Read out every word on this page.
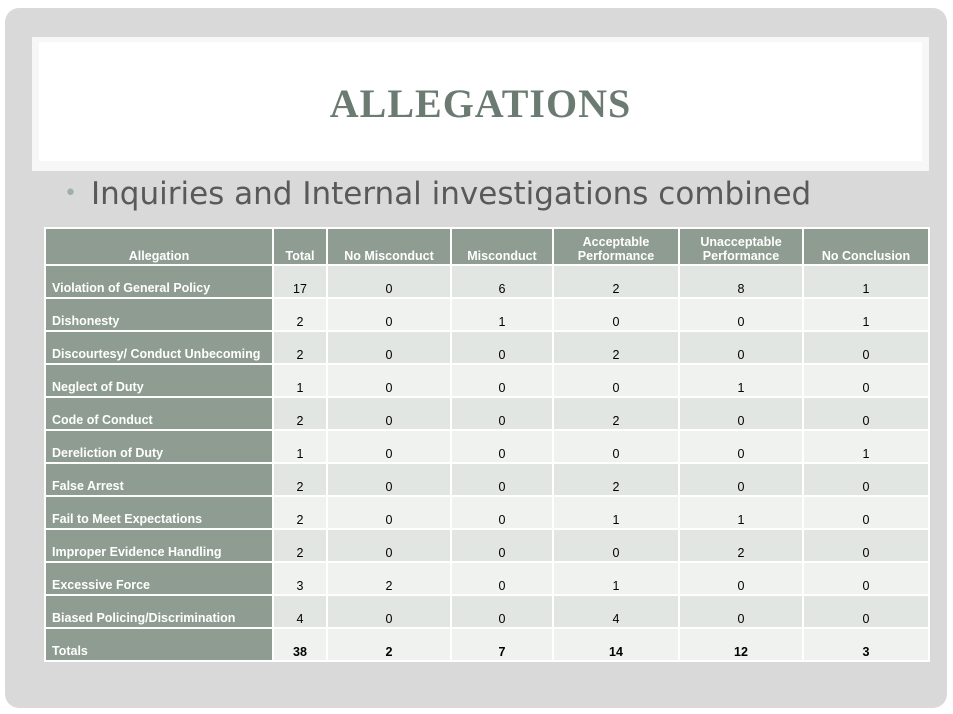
ALLEGATIONS
• Inquiries and Internal investigations combined
Allegation	Total	No Misconduct	Misconduct	Acceptable Performance	Unacceptable Performance	No Conclusion
Violation of General Policy	17	0	6	2	8	1
Dishonesty	2	0	1	0	0	1
Discourtesy/ Conduct Unbecoming	2	0	0	2	0	0
Neglect of Duty	1	0	0	0	1	0
Code of Conduct	2	0	0	2	0	0
Dereliction of Duty	1	0	0	0	0	1
False Arrest	2	0	0	2	0	0
Fail to Meet Expectations	2	0	0	1	1	0
Improper Evidence Handling	2	0	0	0	2	0
Excessive Force	3	2	0	1	0	0
Biased Policing/Discrimination	4	0	0	4	0	0
Totals	38	2	7	14	12	3
